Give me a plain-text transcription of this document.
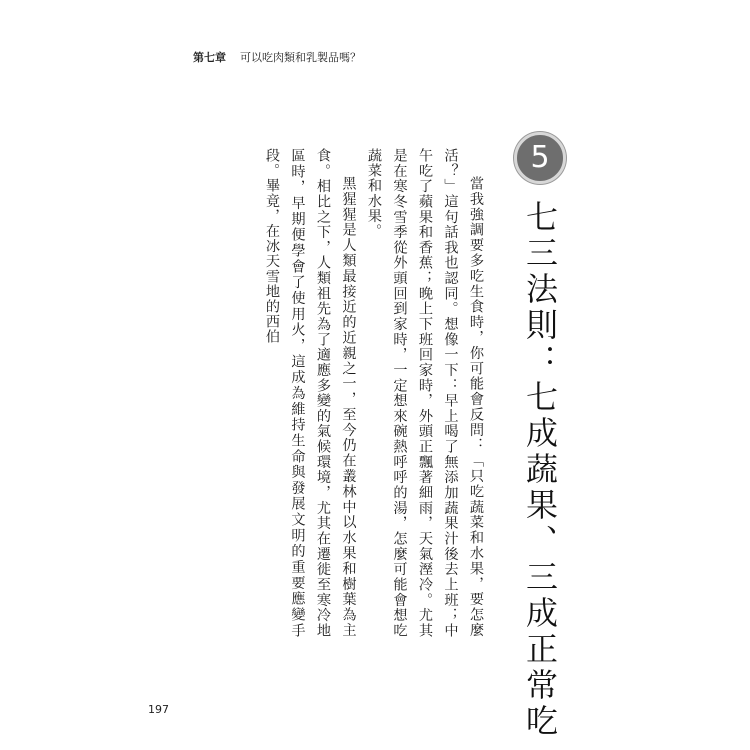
第七章 可以吃肉類和乳製品嗎？
5
七三法則：七成蔬果、三成正常吃

當我強調要多吃生食時，你可能會反問：「只吃蔬菜和水果，要怎麼活？」這句話我也認同。想像一下：早上喝了無添加蔬果汁後去上班；中午吃了蘋果和香蕉；晚上下班回家時，外頭正飄著細雨，天氣溼冷。尤其是在寒冬雪季從外頭回到家時，一定想來碗熱呼呼的湯，怎麼可能會想吃蔬菜和水果。

黑猩猩是人類最接近的近親之一，至今仍在叢林中以水果和樹葉為主食。相比之下，人類祖先為了適應多變的氣候環境，尤其在遷徙至寒冷地區時，早期便學會了使用火，這成為維持生命與發展文明的重要應變手段。畢竟，在冰天雪地的西伯

197
